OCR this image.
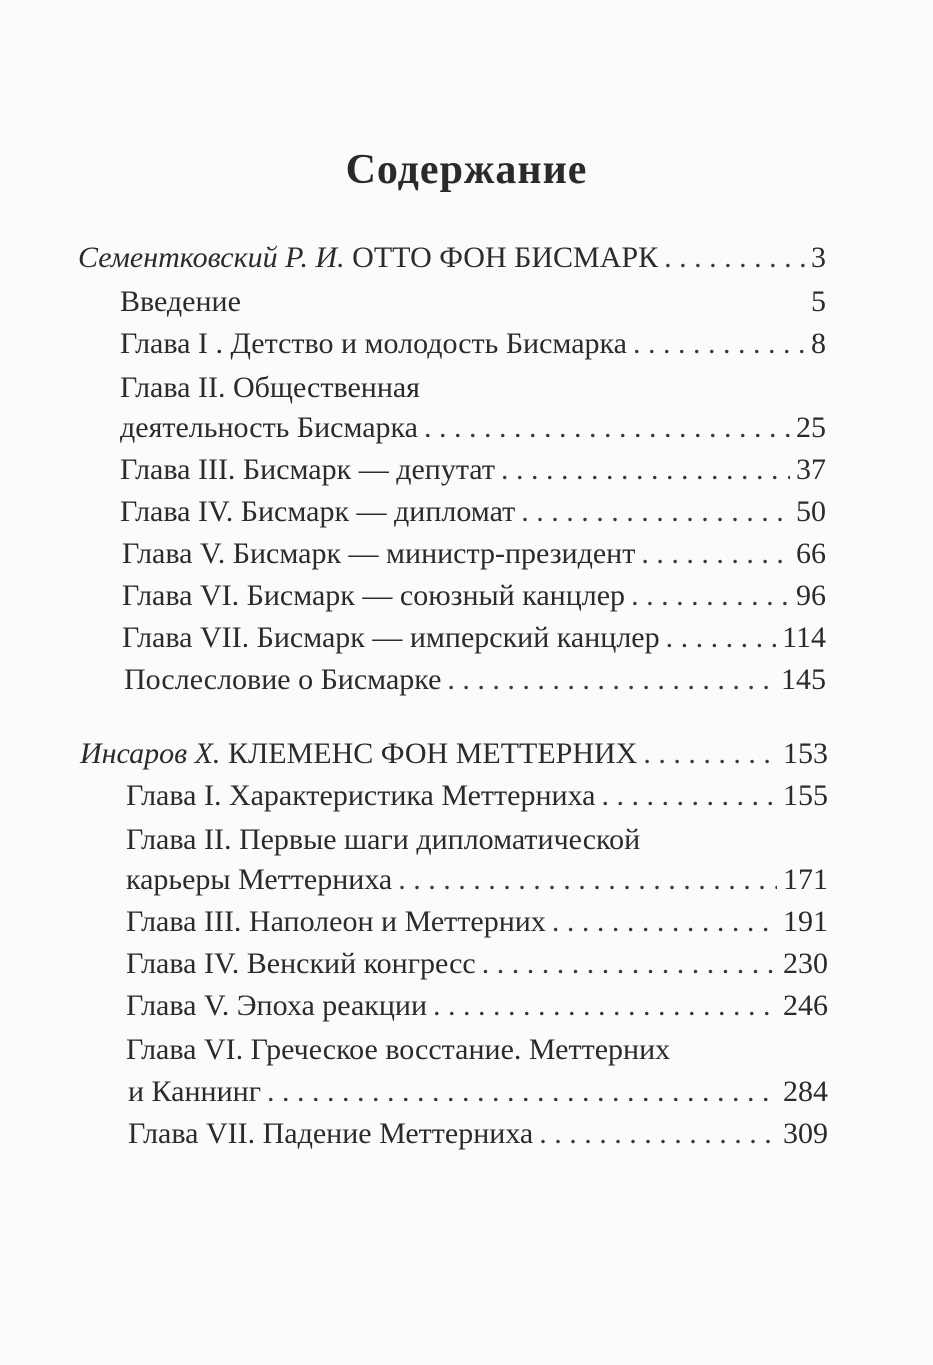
Содержание
Сементковский Р. И. ОТТО ФОН БИСМАРК . . .	3
Введение	5
Глава I . Детство и молодость Бисмарка . . .	8
Глава II. Общественная
деятельность Бисмарка . . .	25
Глава III. Бисмарк — депутат . . .	37
Глава IV. Бисмарк — дипломат . . .	50
Глава V. Бисмарк — министр-президент . . .	66
Глава VI. Бисмарк — союзный канцлер . . .	96
Глава VII. Бисмарк — имперский канцлер . . .	114
Послесловие о Бисмарке . . .	145
Инсаров Х. КЛЕМЕНС ФОН МЕТТЕРНИХ . . .	153
Глава I. Характеристика Меттерниха . . .	155
Глава II. Первые шаги дипломатической
карьеры Меттерниха . . .	171
Глава III. Наполеон и Меттерних . . .	191
Глава IV. Венский конгресс . . .	230
Глава V. Эпоха реакции . . .	246
Глава VI. Греческое восстание. Меттерних
и Каннинг . . .	284
Глава VII. Падение Меттерниха . . .	309
